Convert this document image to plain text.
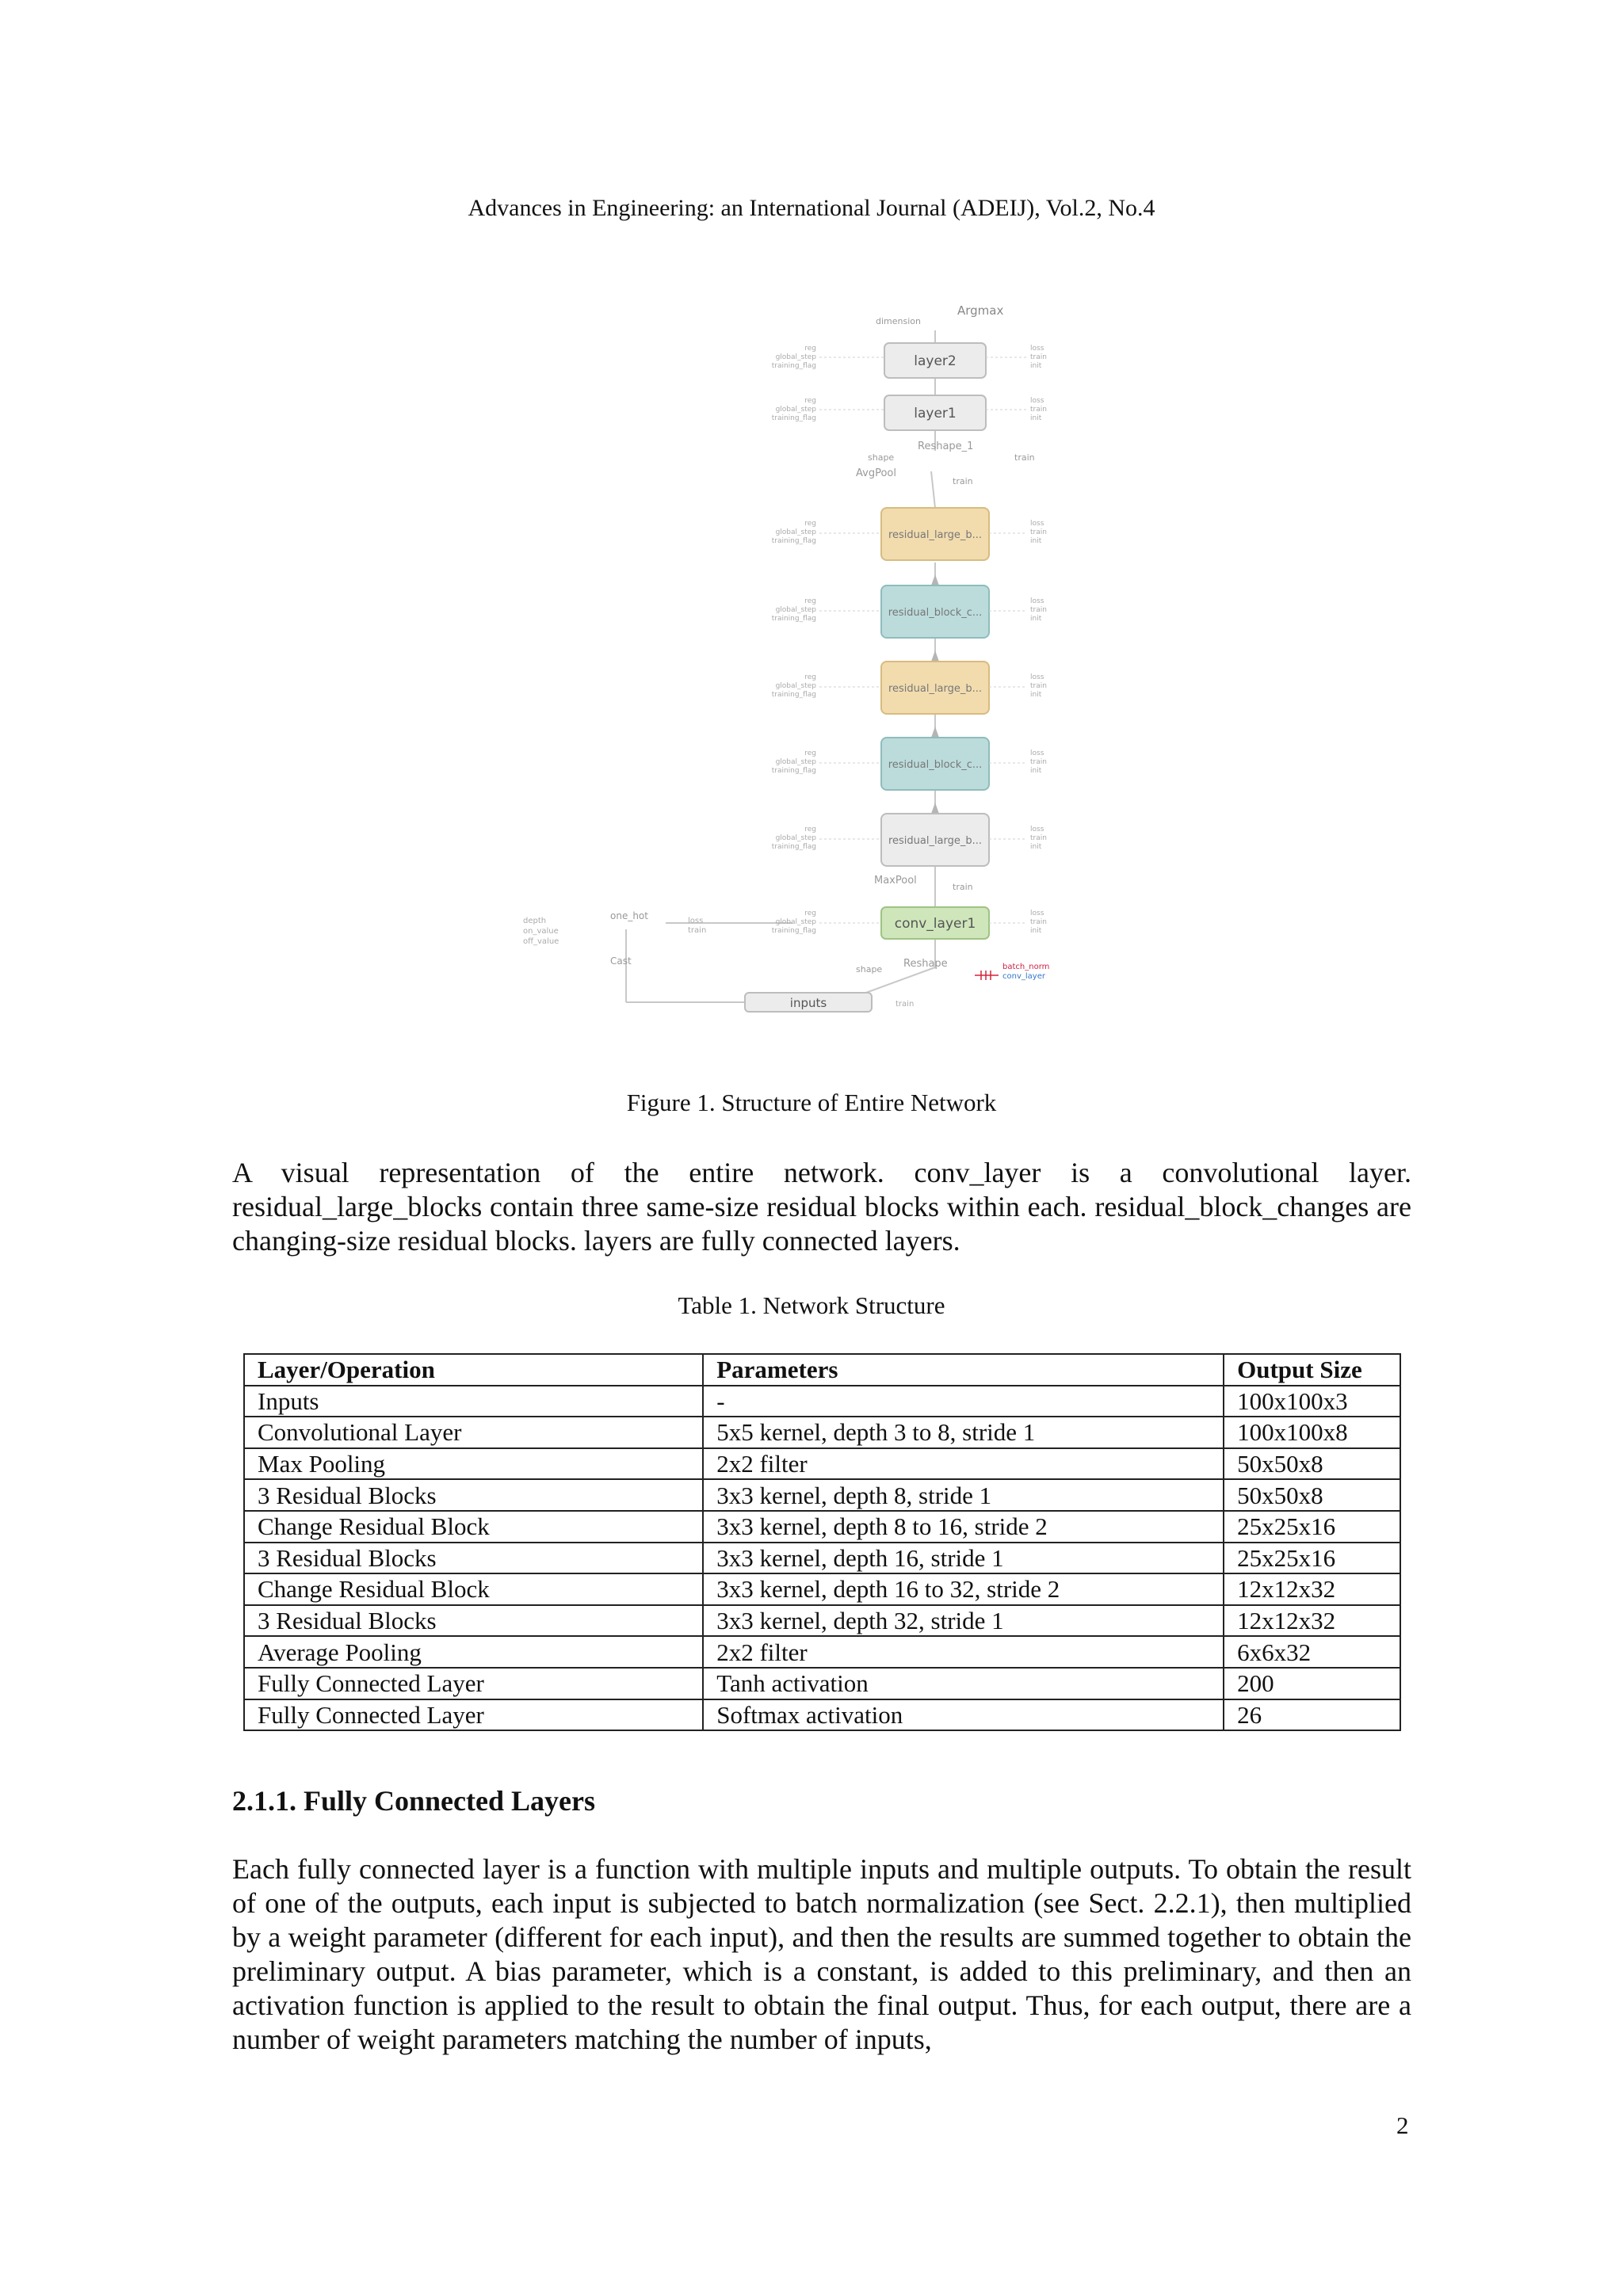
Advances in Engineering: an International Journal (ADEIJ), Vol.2, No.4
Argmax
dimension
Reshape_1
shape	train
AvgPool
train
MaxPool
train
Reshape
shape	batch_norm
conv_layer
Cast
one_hot
depth
on_value
off_value
loss
train
layer2
layer1
residual_large_b...
residual_block_c...
residual_large_b...
residual_block_c...
residual_large_b...
conv_layer1
inputs	train
reg
global_step
training_flag
loss
train
init
reg
global_step
training_flag
loss
train
init
reg
global_step
training_flag
loss
train
init
reg
global_step
training_flag
loss
train
init
reg
global_step
training_flag
loss
train
init
reg
global_step
training_flag
loss
train
init
reg
global_step
training_flag
loss
train
init
reg
global_step
training_flag
loss
train
init
Figure 1. Structure of Entire Network
A visual representation of the entire network. conv_layer is a convolutional layer. residual_large_blocks contain three same-size residual blocks within each. residual_block_changes are changing-size residual blocks. layers are fully connected layers.
Table 1. Network Structure
Layer/Operation	Parameters	Output Size
Inputs	-	100x100x3
Convolutional Layer	5x5 kernel, depth 3 to 8, stride 1	100x100x8
Max Pooling	2x2 filter	50x50x8
3 Residual Blocks	3x3 kernel, depth 8, stride 1	50x50x8
Change Residual Block	3x3 kernel, depth 8 to 16, stride 2	25x25x16
3 Residual Blocks	3x3 kernel, depth 16, stride 1	25x25x16
Change Residual Block	3x3 kernel, depth 16 to 32, stride 2	12x12x32
3 Residual Blocks	3x3 kernel, depth 32, stride 1	12x12x32
Average Pooling	2x2 filter	6x6x32
Fully Connected Layer	Tanh activation	200
Fully Connected Layer	Softmax activation	26
2.1.1. Fully Connected Layers
Each fully connected layer is a function with multiple inputs and multiple outputs. To obtain the result of one of the outputs, each input is subjected to batch normalization (see Sect. 2.2.1), then multiplied by a weight parameter (different for each input), and then the results are summed together to obtain the preliminary output. A bias parameter, which is a constant, is added to this preliminary, and then an activation function is applied to the result to obtain the final output. Thus, for each output, there are a number of weight parameters matching the number of inputs,
2
